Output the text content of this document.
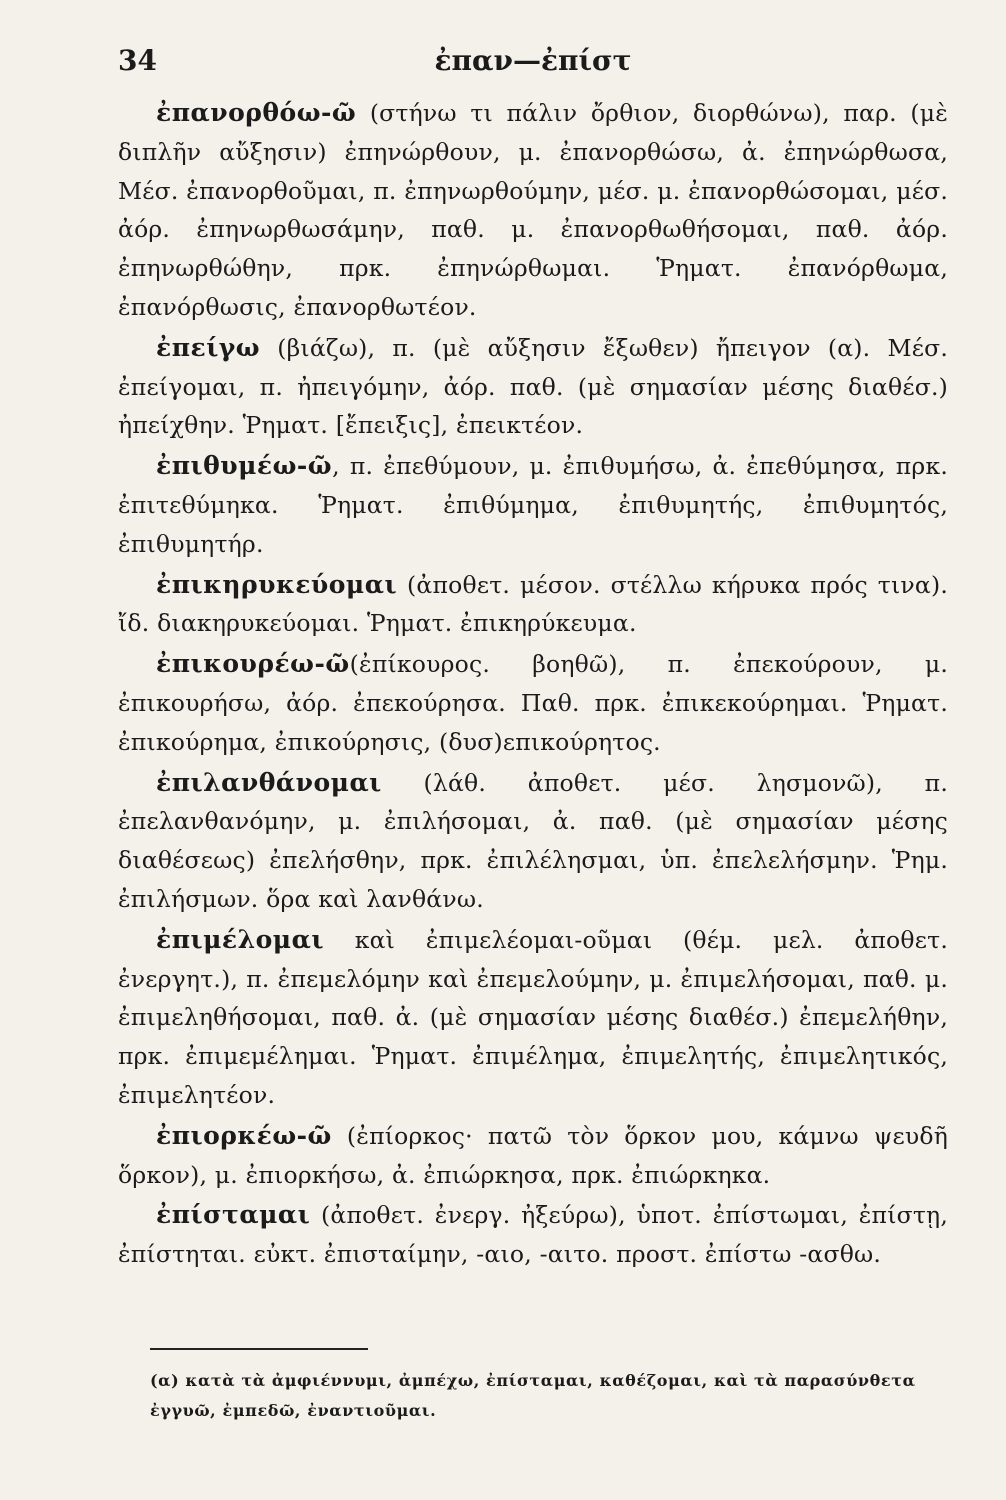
34	ἐπαν—ἐπίστ

ἐπανορθόω-ῶ (στήνω τι πάλιν ὄρθιον, διορθώνω), παρ. (μὲ διπλῆν αὔξησιν) ἐπηνώρθουν, μ. ἐπανορθώσω, ἀ. ἐπηνώρθωσα, Μέσ. ἐπανορθοῦμαι, π. ἐπηνωρθούμην, μέσ. μ. ἐπανορθώσομαι, μέσ. ἀόρ. ἐπηνωρθωσάμην, παθ. μ. ἐπανορθωθήσομαι, παθ. ἀόρ. ἐπηνωρθώθην, πρκ. ἐπηνώρθωμαι. Ῥηματ. ἐπανόρθωμα, ἐπανόρθωσις, ἐπανορθωτέον.

ἐπείγω (βιάζω), π. (μὲ αὔξησιν ἔξωθεν) ἤπειγον (α). Μέσ. ἐπείγομαι, π. ἠπειγόμην, ἀόρ. παθ. (μὲ σημασίαν μέσης διαθέσ.) ἠπείχθην. Ῥηματ. [ἔπειξις], ἐπεικτέον.

ἐπιθυμέω-ῶ, π. ἐπεθύμουν, μ. ἐπιθυμήσω, ἀ. ἐπεθύμησα, πρκ. ἐπιτεθύμηκα. Ῥηματ. ἐπιθύμημα, ἐπιθυμητής, ἐπιθυμητός, ἐπιθυμητήρ.

ἐπικηρυκεύομαι (ἀποθετ. μέσον. στέλλω κήρυκα πρός τινα). ἴδ. διακηρυκεύομαι. Ῥηματ. ἐπικηρύκευμα.

ἐπικουρέω-ῶ(ἐπίκουρος. βοηθῶ), π. ἐπεκούρουν, μ. ἐπικουρήσω, ἀόρ. ἐπεκούρησα. Παθ. πρκ. ἐπικεκούρημαι. Ῥηματ. ἐπικούρημα, ἐπικούρησις, (δυσ)επικούρητος.

ἐπιλανθάνομαι (λάθ. ἀποθετ. μέσ. λησμονῶ), π. ἐπελανθανόμην, μ. ἐπιλήσομαι, ἀ. παθ. (μὲ σημασίαν μέσης διαθέσεως) ἐπελήσθην, πρκ. ἐπιλέλησμαι, ὑπ. ἐπελελήσμην. Ῥημ. ἐπιλήσμων. ὅρα καὶ λανθάνω.

ἐπιμέλομαι καὶ ἐπιμελέομαι-οῦμαι (θέμ. μελ. ἀποθετ. ἐνεργητ.), π. ἐπεμελόμην καὶ ἐπεμελούμην, μ. ἐπιμελήσομαι, παθ. μ. ἐπιμεληθήσομαι, παθ. ἀ. (μὲ σημασίαν μέσης διαθέσ.) ἐπεμελήθην, πρκ. ἐπιμεμέλημαι. Ῥηματ. ἐπιμέλημα, ἐπιμελητής, ἐπιμελητικός, ἐπιμελητέον.

ἐπιορκέω-ῶ (ἐπίορκος· πατῶ τὸν ὅρκον μου, κάμνω ψευδῆ ὅρκον), μ. ἐπιορκήσω, ἀ. ἐπιώρκησα, πρκ. ἐπιώρκηκα.

ἐπίσταμαι (ἀποθετ. ἐνεργ. ἠξεύρω), ὑποτ. ἐπίστωμαι, ἐπίστῃ, ἐπίστηται. εὐκτ. ἐπισταίμην, -αιο, -αιτο. προστ. ἐπίστω -ασθω.

(α) κατὰ τὰ ἀμφιέννυμι, ἀμπέχω, ἐπίσταμαι, καθέζομαι, καὶ τὰ παρασύνθετα ἐγγυῶ, ἐμπεδῶ, ἐναντιοῦμαι.
